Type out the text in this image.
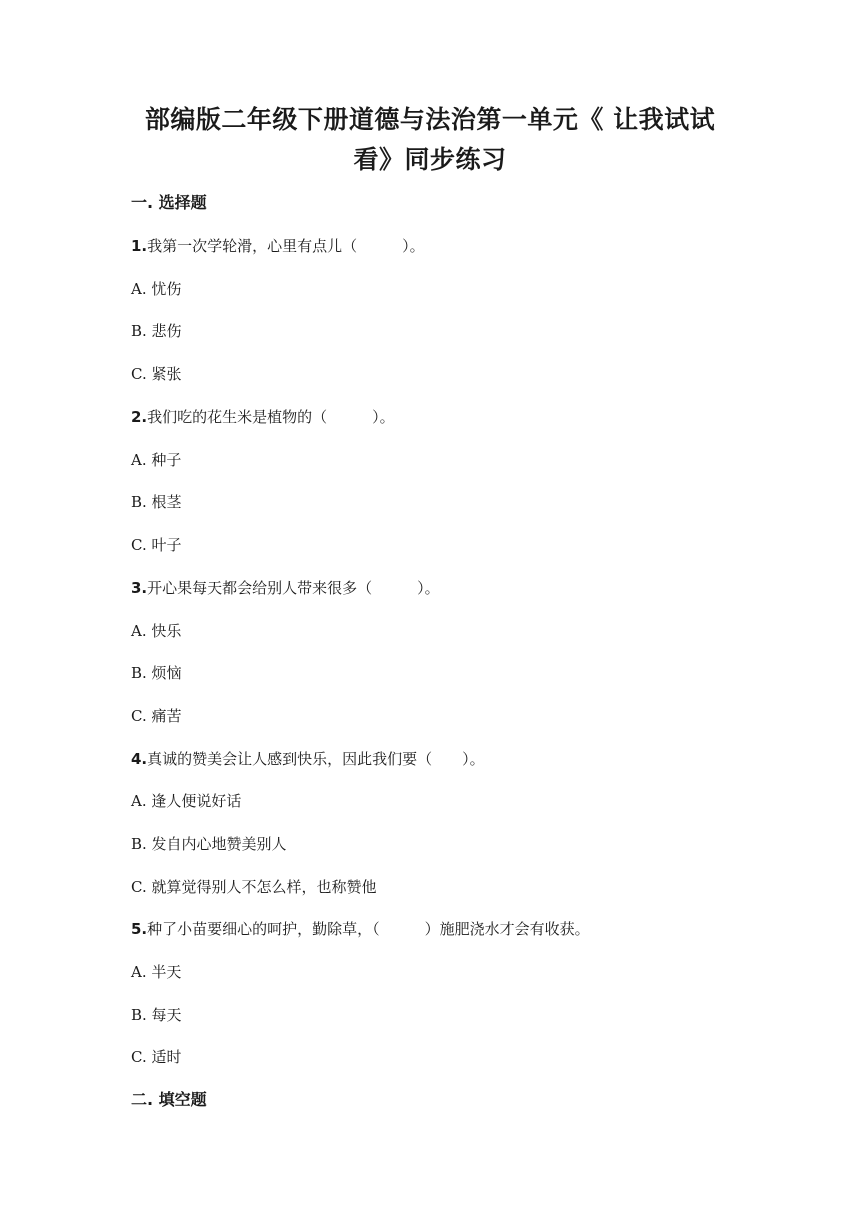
部编版二年级下册道德与法治第一单元《 让我试试
看》同步练习
一. 选择题
1.我第一次学轮滑，心里有点儿（　　　）。
A. 忧伤
B. 悲伤
C. 紧张
2.我们吃的花生米是植物的（　　　）。
A. 种子
B. 根茎
C. 叶子
3.开心果每天都会给别人带来很多（　　　）。
A. 快乐
B. 烦恼
C. 痛苦
4.真诚的赞美会让人感到快乐，因此我们要（　　）。
A. 逢人便说好话
B. 发自内心地赞美别人
C. 就算觉得别人不怎么样，也称赞他
5.种了小苗要细心的呵护，勤除草，（　　　）施肥浇水才会有收获。
A. 半天
B. 每天
C. 适时
二. 填空题
